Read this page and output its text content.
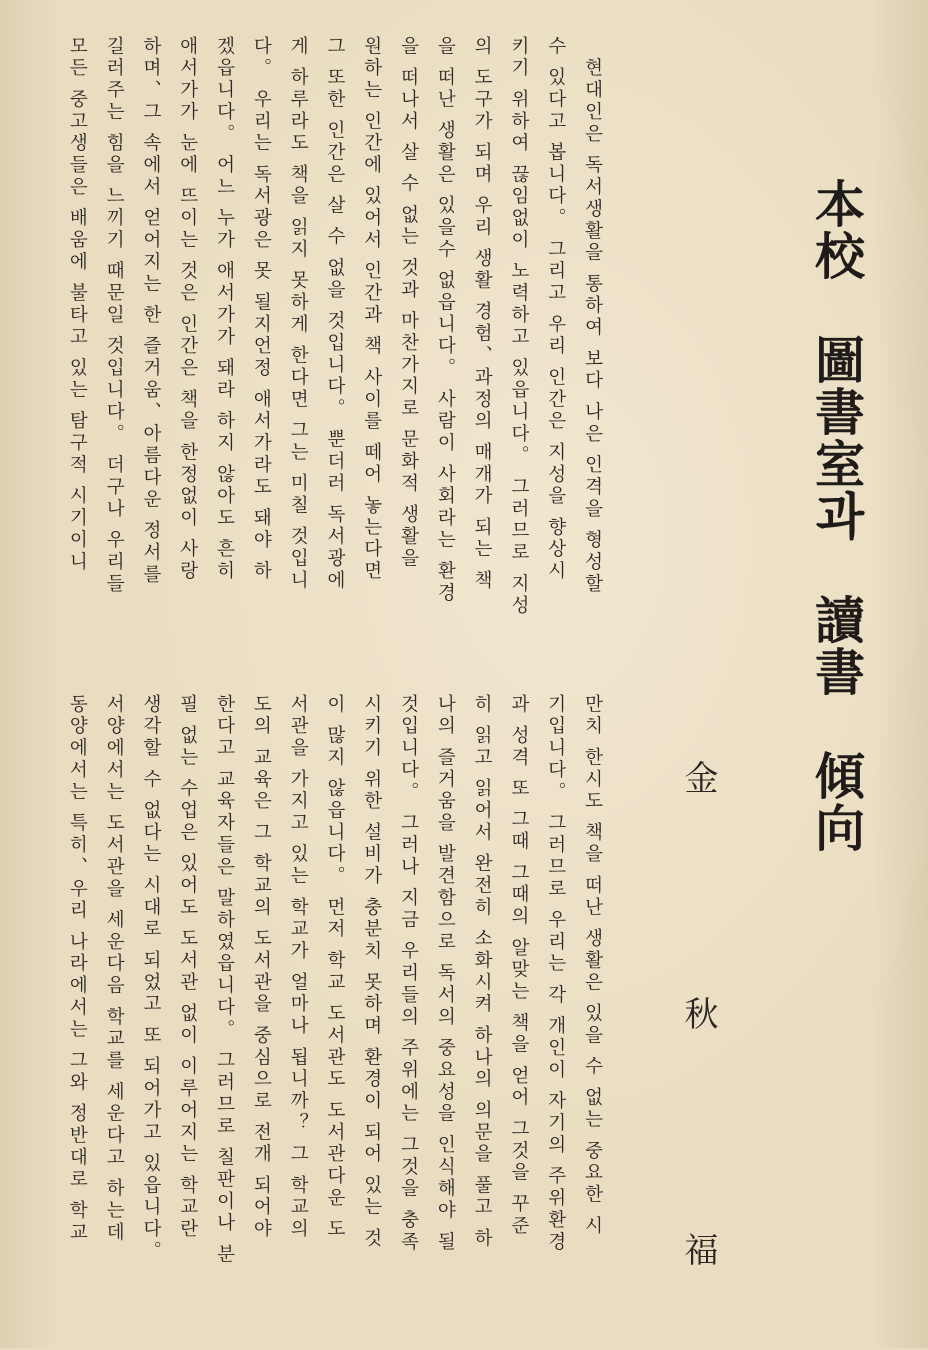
本校　圖書室과　讀書　傾向
金　秋　福
　현대인은 독서생활을 통하여 보다 나은 인격을 형성할
수 있다고 봅니다。 그리고 우리 인간은 지성을 향상시
키기 위하여 끊임없이 노력하고 있읍니다。 그러므로 지성
의 도구가 되며 우리 생활 경험、과정의 매개가 되는 책
을 떠난 생활은 있을수 없읍니다。 사람이 사회라는 환경
을 떠나서 살 수 없는 것과 마찬가지로 문화적 생활을
원하는 인간에 있어서 인간과 책 사이를 떼어 놓는다면
그 또한 인간은 살 수 없을 것입니다。 뿐더러 독서광에
게 하루라도 책을 읽지 못하게 한다면 그는 미칠 것입니
다。 우리는 독서광은 못 될지언정 애서가라도 돼야 하
겠읍니다。 어느 누가 애서가가 돼라 하지 않아도 흔히
애서가가 눈에 뜨이는 것은 인간은 책을 한정없이 사랑
하며、그 속에서 얻어지는 한 즐거움、아름다운 정서를
길러주는 힘을 느끼기 때문일 것입니다。 더구나 우리들
모든 중고생들은 배움에 불타고 있는 탐구적 시기이니
만치 한시도 책을 떠난 생활은 있을 수 없는 중요한 시
기입니다。 그러므로 우리는 각 개인이 자기의 주위환경
과 성격 또 그때 그때의 알맞는 책을 얻어 그것을 꾸준
히 읽고 읽어서 완전히 소화시켜 하나의 의문을 풀고 하
나의 즐거움을 발견함으로 독서의 중요성을 인식해야 될
것입니다。 그러나 지금 우리들의 주위에는 그것을 충족
시키기 위한 설비가 충분치 못하며 환경이 되어 있는 것
이 많지 않읍니다。 먼저 학교 도서관도 도서관다운 도
서관을 가지고 있는 학교가 얼마나 됩니까？ 그 학교의
도의 교육은 그 학교의 도서관을 중심으로 전개 되어야
한다고 교육자들은 말하였읍니다。 그러므로 칠판이나 분
필 없는 수업은 있어도 도서관 없이 이루어지는 학교란
생각할 수 없다는 시대로 되었고 또 되어가고 있읍니다。
서양에서는 도서관을 세운다음 학교를 세운다고 하는데
동양에서는 특히、우리 나라에서는 그와 정반대로 학교
